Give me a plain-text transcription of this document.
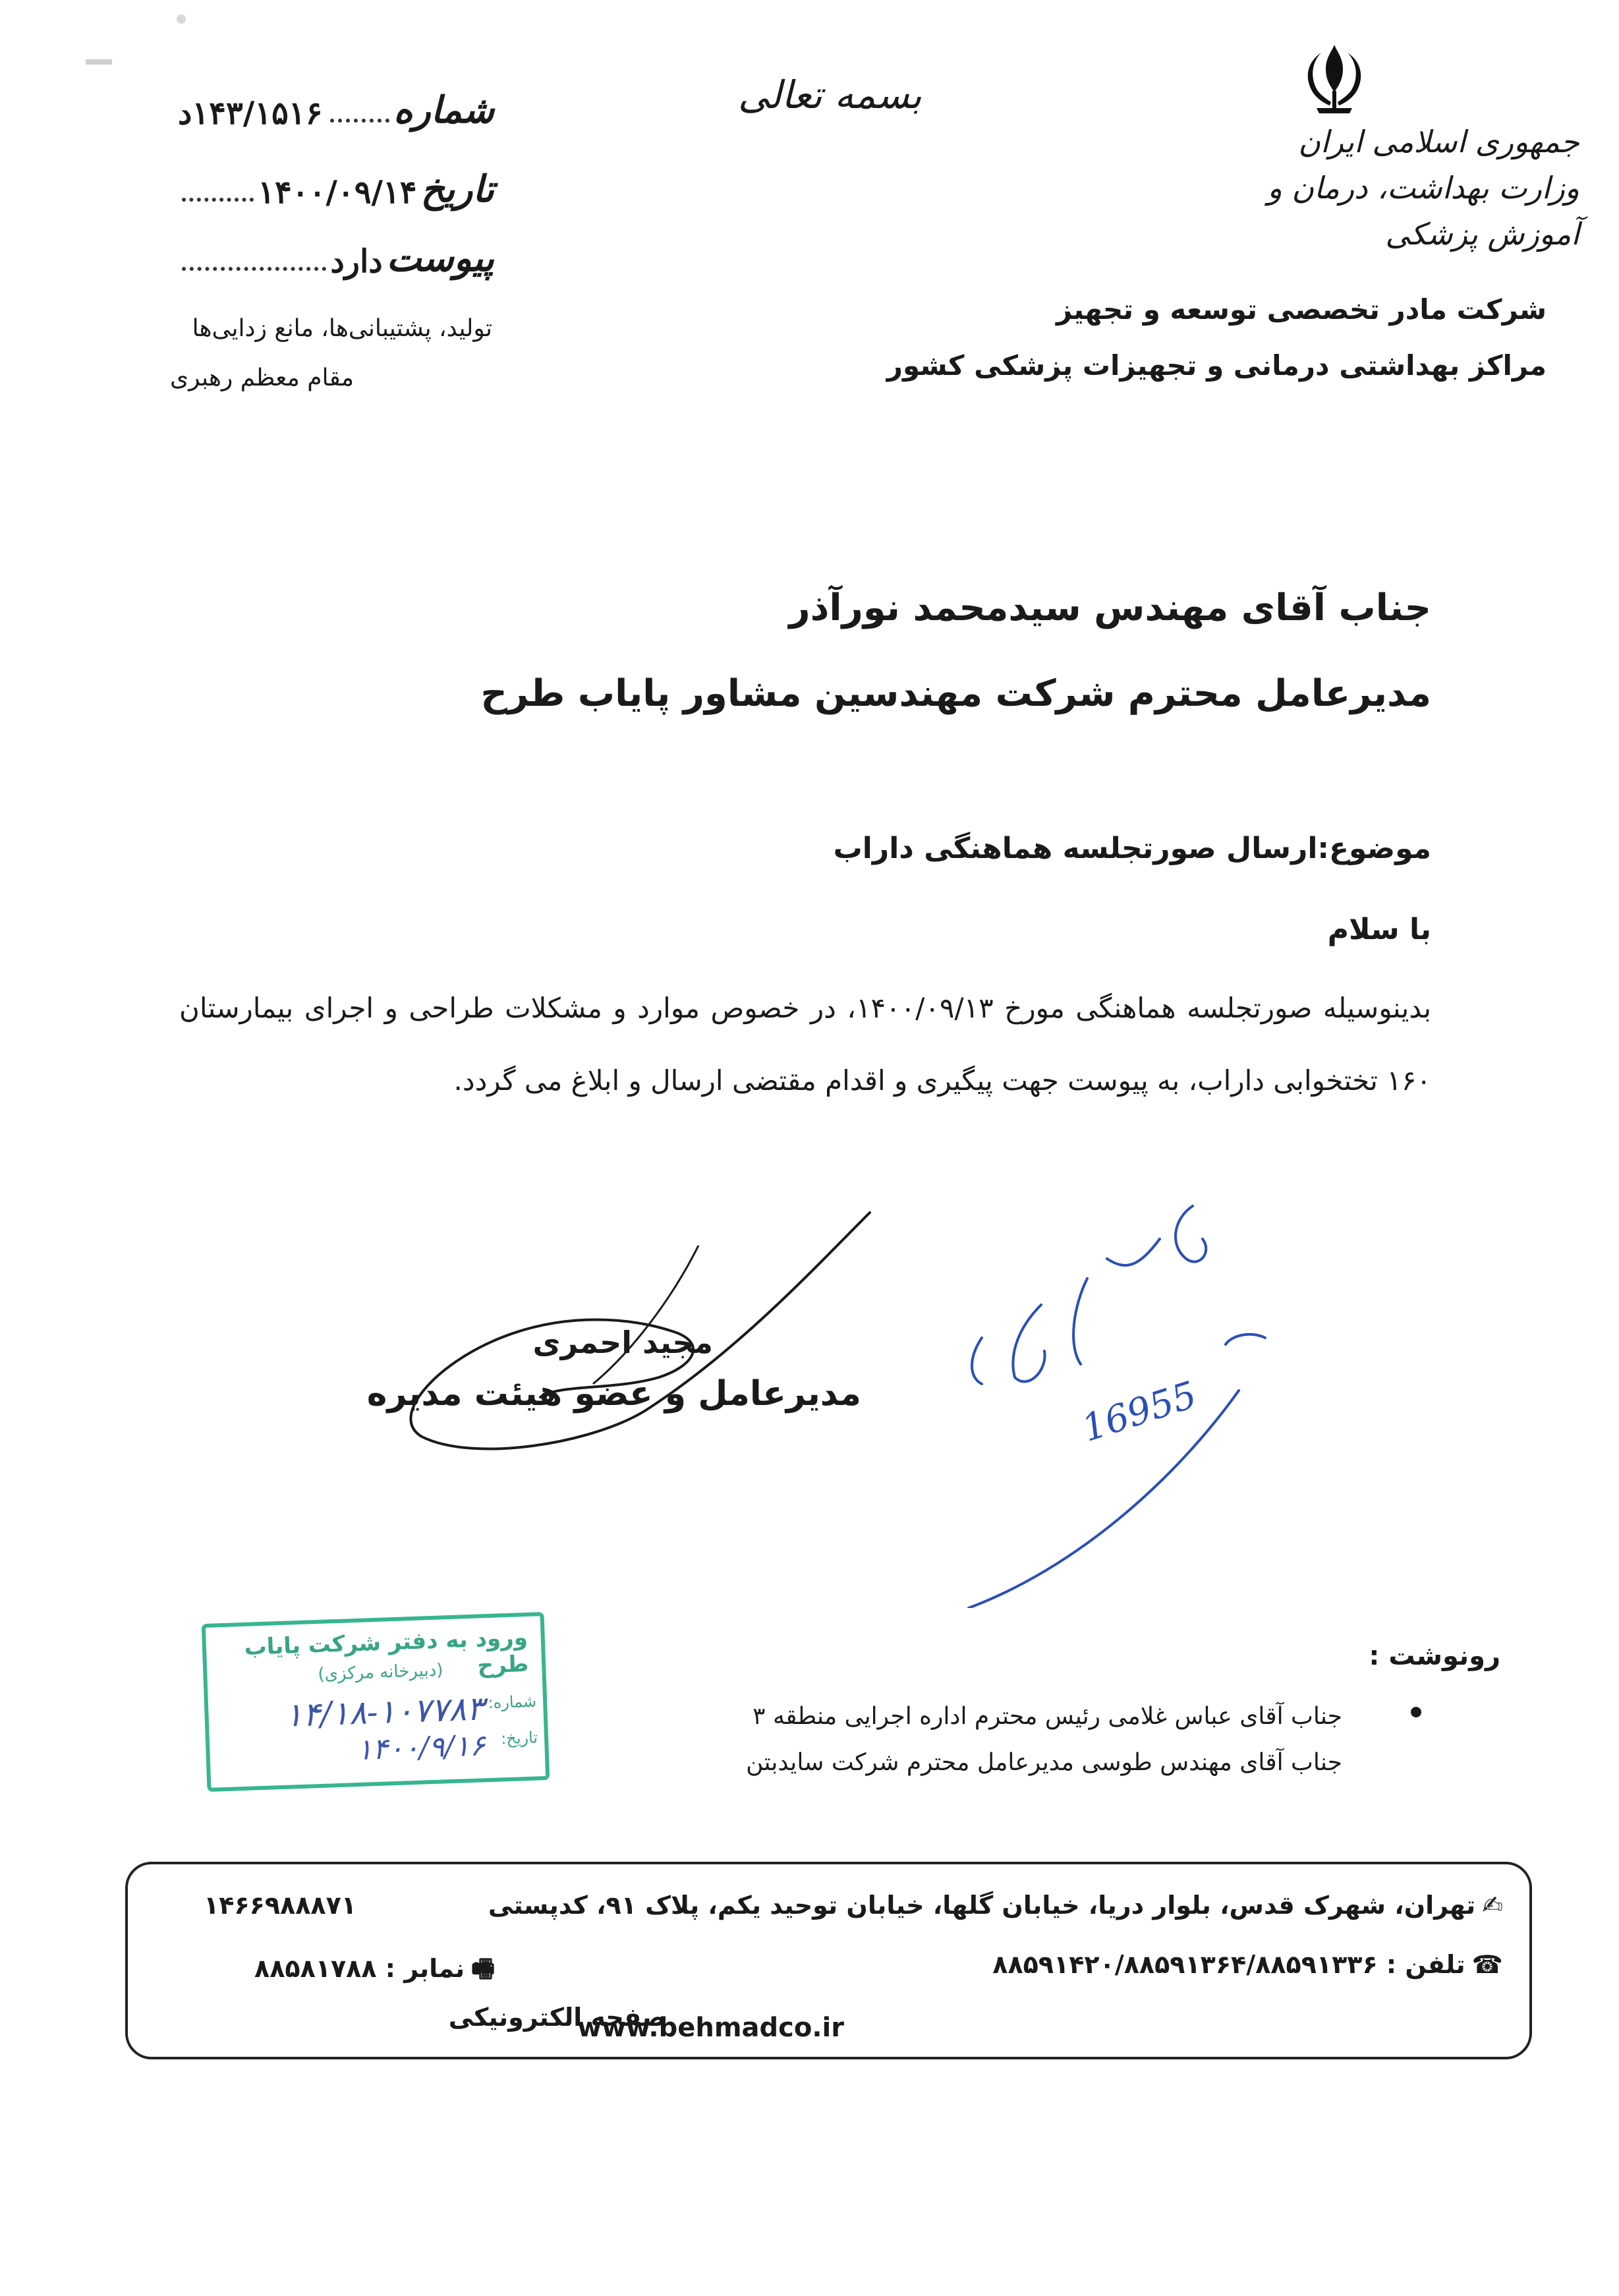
جمهوری اسلامی ایران
وزارت بهداشت، درمان و آموزش پزشکی
شرکت مادر تخصصی توسعه و تجهیز
مراکز بهداشتی درمانی و تجهیزات پزشکی کشور
بسمه تعالی
شماره
۱۴۳/۱۵۱۶د
تاریخ
۱۴۰۰/۰۹/۱۴
پیوست
دارد
تولید، پشتیبانی‌ها، مانع زدایی‌ها
مقام معظم رهبری
جناب آقای مهندس سیدمحمد نورآذر
مدیرعامل محترم شرکت مهندسین مشاور پایاب طرح
موضوع:ارسال صورتجلسه هماهنگی داراب
با سلام
بدینوسیله صورتجلسه هماهنگی مورخ ۱۴۰۰/۰۹/۱۳، در خصوص موارد و مشکلات طراحی و اجرای بیمارستان ۱۶۰ تختخوابی داراب، به پیوست جهت پیگیری و اقدام مقتضی ارسال و ابلاغ می گردد.
مجید احمری
مدیرعامل و عضو هیئت مدیره	16955
ورود به دفتر شرکت پایاب طرح
(دبیرخانه مرکزی)
شماره:
تاریخ:
۱۴/۱۸-۱۰۷۷۸۳
۱۴۰۰/۹/۱۶
رونوشت :
جناب آقای عباس غلامی رئیس محترم اداره اجرایی منطقه ۳
جناب آقای مهندس طوسی مدیرعامل محترم شرکت سایدبتن
✍تهران، شهرک قدس، بلوار دریا، خیابان گلها، خیابان توحید یکم، پلاک ۹۱، کدپستی
۱۴۶۶۹۸۸۸۷۱
☎تلفن : ۸۸۵۹۱۴۲۰/۸۸۵۹۱۳۶۴/۸۸۵۹۱۳۳۶
🖷نمابر : ۸۸۵۸۱۷۸۸
صفحه الکترونیکی
www.behmadco.ir
